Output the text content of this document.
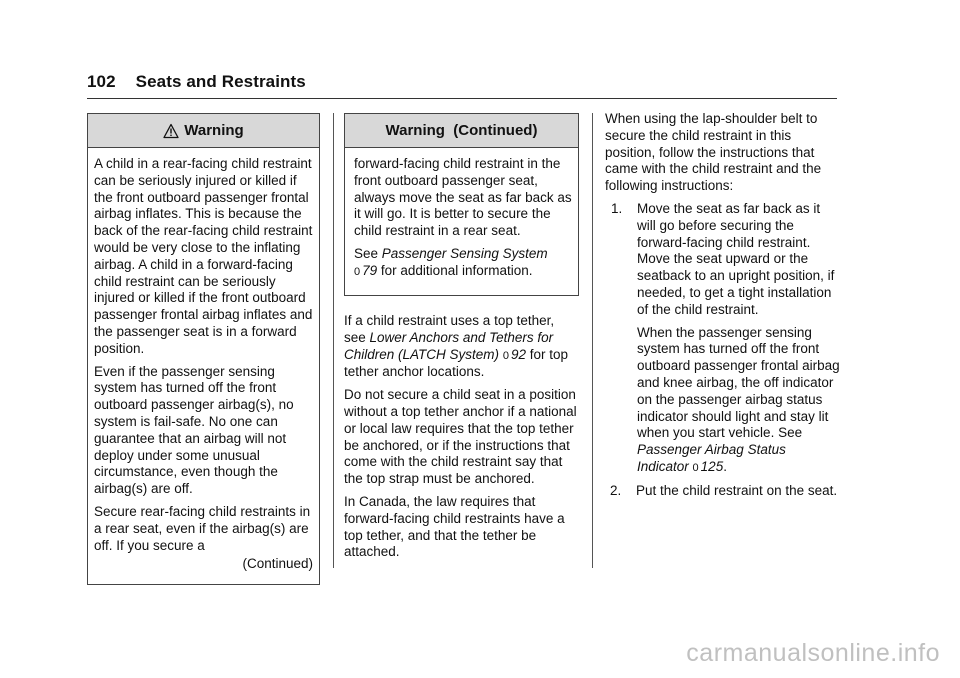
102 Seats and Restraints
Warning

A child in a rear-facing child restraint can be seriously injured or killed if the front outboard passenger frontal airbag inflates. This is because the back of the rear-facing child restraint would be very close to the inflating airbag. A child in a forward-facing child restraint can be seriously injured or killed if the front outboard passenger frontal airbag inflates and the passenger seat is in a forward position.

Even if the passenger sensing system has turned off the front outboard passenger airbag(s), no system is fail-safe. No one can guarantee that an airbag will not deploy under some unusual circumstance, even though the airbag(s) are off.

Secure rear-facing child restraints in a rear seat, even if the airbag(s) are off. If you secure a

(Continued)
Warning  (Continued)

forward-facing child restraint in the front outboard passenger seat, always move the seat as far back as it will go. It is better to secure the child restraint in a rear seat.

See Passenger Sensing System
0 79 for additional information.

If a child restraint uses a top tether, see Lower Anchors and Tethers for Children (LATCH System) 0 92 for top tether anchor locations.

Do not secure a child seat in a position without a top tether anchor if a national or local law requires that the top tether be anchored, or if the instructions that come with the child restraint say that the top strap must be anchored.

In Canada, the law requires that forward-facing child restraints have a top tether, and that the tether be attached.

When using the lap-shoulder belt to secure the child restraint in this position, follow the instructions that came with the child restraint and the following instructions:

1. Move the seat as far back as it will go before securing the forward-facing child restraint. Move the seat upward or the seatback to an upright position, if needed, to get a tight installation of the child restraint.

When the passenger sensing system has turned off the front outboard passenger frontal airbag and knee airbag, the off indicator on the passenger airbag status indicator should light and stay lit when you start vehicle. See Passenger Airbag Status Indicator 0 125.

2. Put the child restraint on the seat.

carmanualsonline.info
